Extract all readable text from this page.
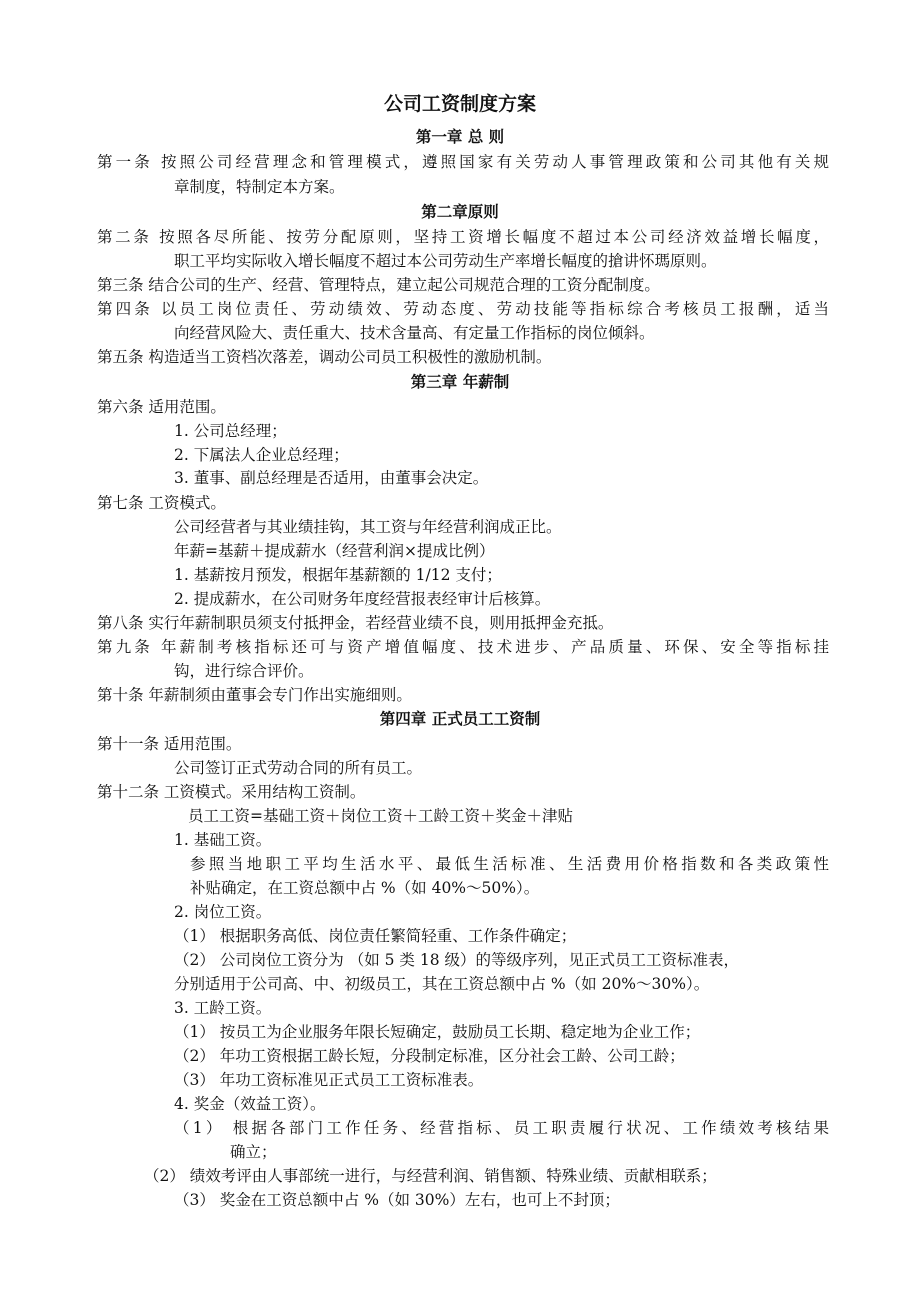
公司工资制度方案
第一章 总 则
第一条 按照公司经营理念和管理模式，遵照国家有关劳动人事管理政策和公司其他有关规
章制度，特制定本方案。
第二章原则
第二条 按照各尽所能、按劳分配原则，坚持工资增长幅度不超过本公司经济效益增长幅度，
职工平均实际收入增长幅度不超过本公司劳动生产率增长幅度的搶讲怀瑪原则。
第三条 结合公司的生产、经营、管理特点，建立起公司规范合理的工资分配制度。
第四条 以员工岗位责任、劳动绩效、劳动态度、劳动技能等指标综合考核员工报酬，适当
向经营风险大、责任重大、技术含量高、有定量工作指标的岗位倾斜。
第五条 构造适当工资档次落差，调动公司员工积极性的激励机制。
第三章 年薪制
第六条 适用范围。
1. 公司总经理；
2. 下属法人企业总经理；
3. 董事、副总经理是否适用，由董事会决定。
第七条 工资模式。
公司经营者与其业绩挂钩，其工资与年经营利润成正比。
年薪=基薪＋提成薪水（经营利润×提成比例）
1. 基薪按月预发，根据年基薪额的 1/12 支付；
2. 提成薪水，在公司财务年度经营报表经审计后核算。
第八条 实行年薪制职员须支付抵押金，若经营业绩不良，则用抵押金充抵。
第九条 年薪制考核指标还可与资产增值幅度、技术进步、产品质量、环保、安全等指标挂
钩，进行综合评价。
第十条 年薪制须由董事会专门作出实施细则。
第四章 正式员工工资制
第十一条 适用范围。
公司签订正式劳动合同的所有员工。
第十二条 工资模式。采用结构工资制。
员工工资=基础工资＋岗位工资＋工龄工资＋奖金＋津贴
1. 基础工资。
参照当地职工平均生活水平、最低生活标准、生活费用价格指数和各类政策性
补贴确定，在工资总额中占 %（如 40%～50%）。
2. 岗位工资。
（1） 根据职务高低、岗位责任繁简轻重、工作条件确定；
（2） 公司岗位工资分为 （如 5 类 18 级）的等级序列，见正式员工工资标准表，
分别适用于公司高、中、初级员工，其在工资总额中占 %（如 20%～30%）。
3. 工龄工资。
（1） 按员工为企业服务年限长短确定，鼓励员工长期、稳定地为企业工作；
（2） 年功工资根据工龄长短，分段制定标准，区分社会工龄、公司工龄；
（3） 年功工资标准见正式员工工资标准表。
4. 奖金（效益工资）。
（1） 根据各部门工作任务、经营指标、员工职责履行状况、工作绩效考核结果
确立；
（2） 绩效考评由人事部统一进行，与经营利润、销售额、特殊业绩、贡献相联系；
（3） 奖金在工资总额中占 %（如 30%）左右，也可上不封顶；
